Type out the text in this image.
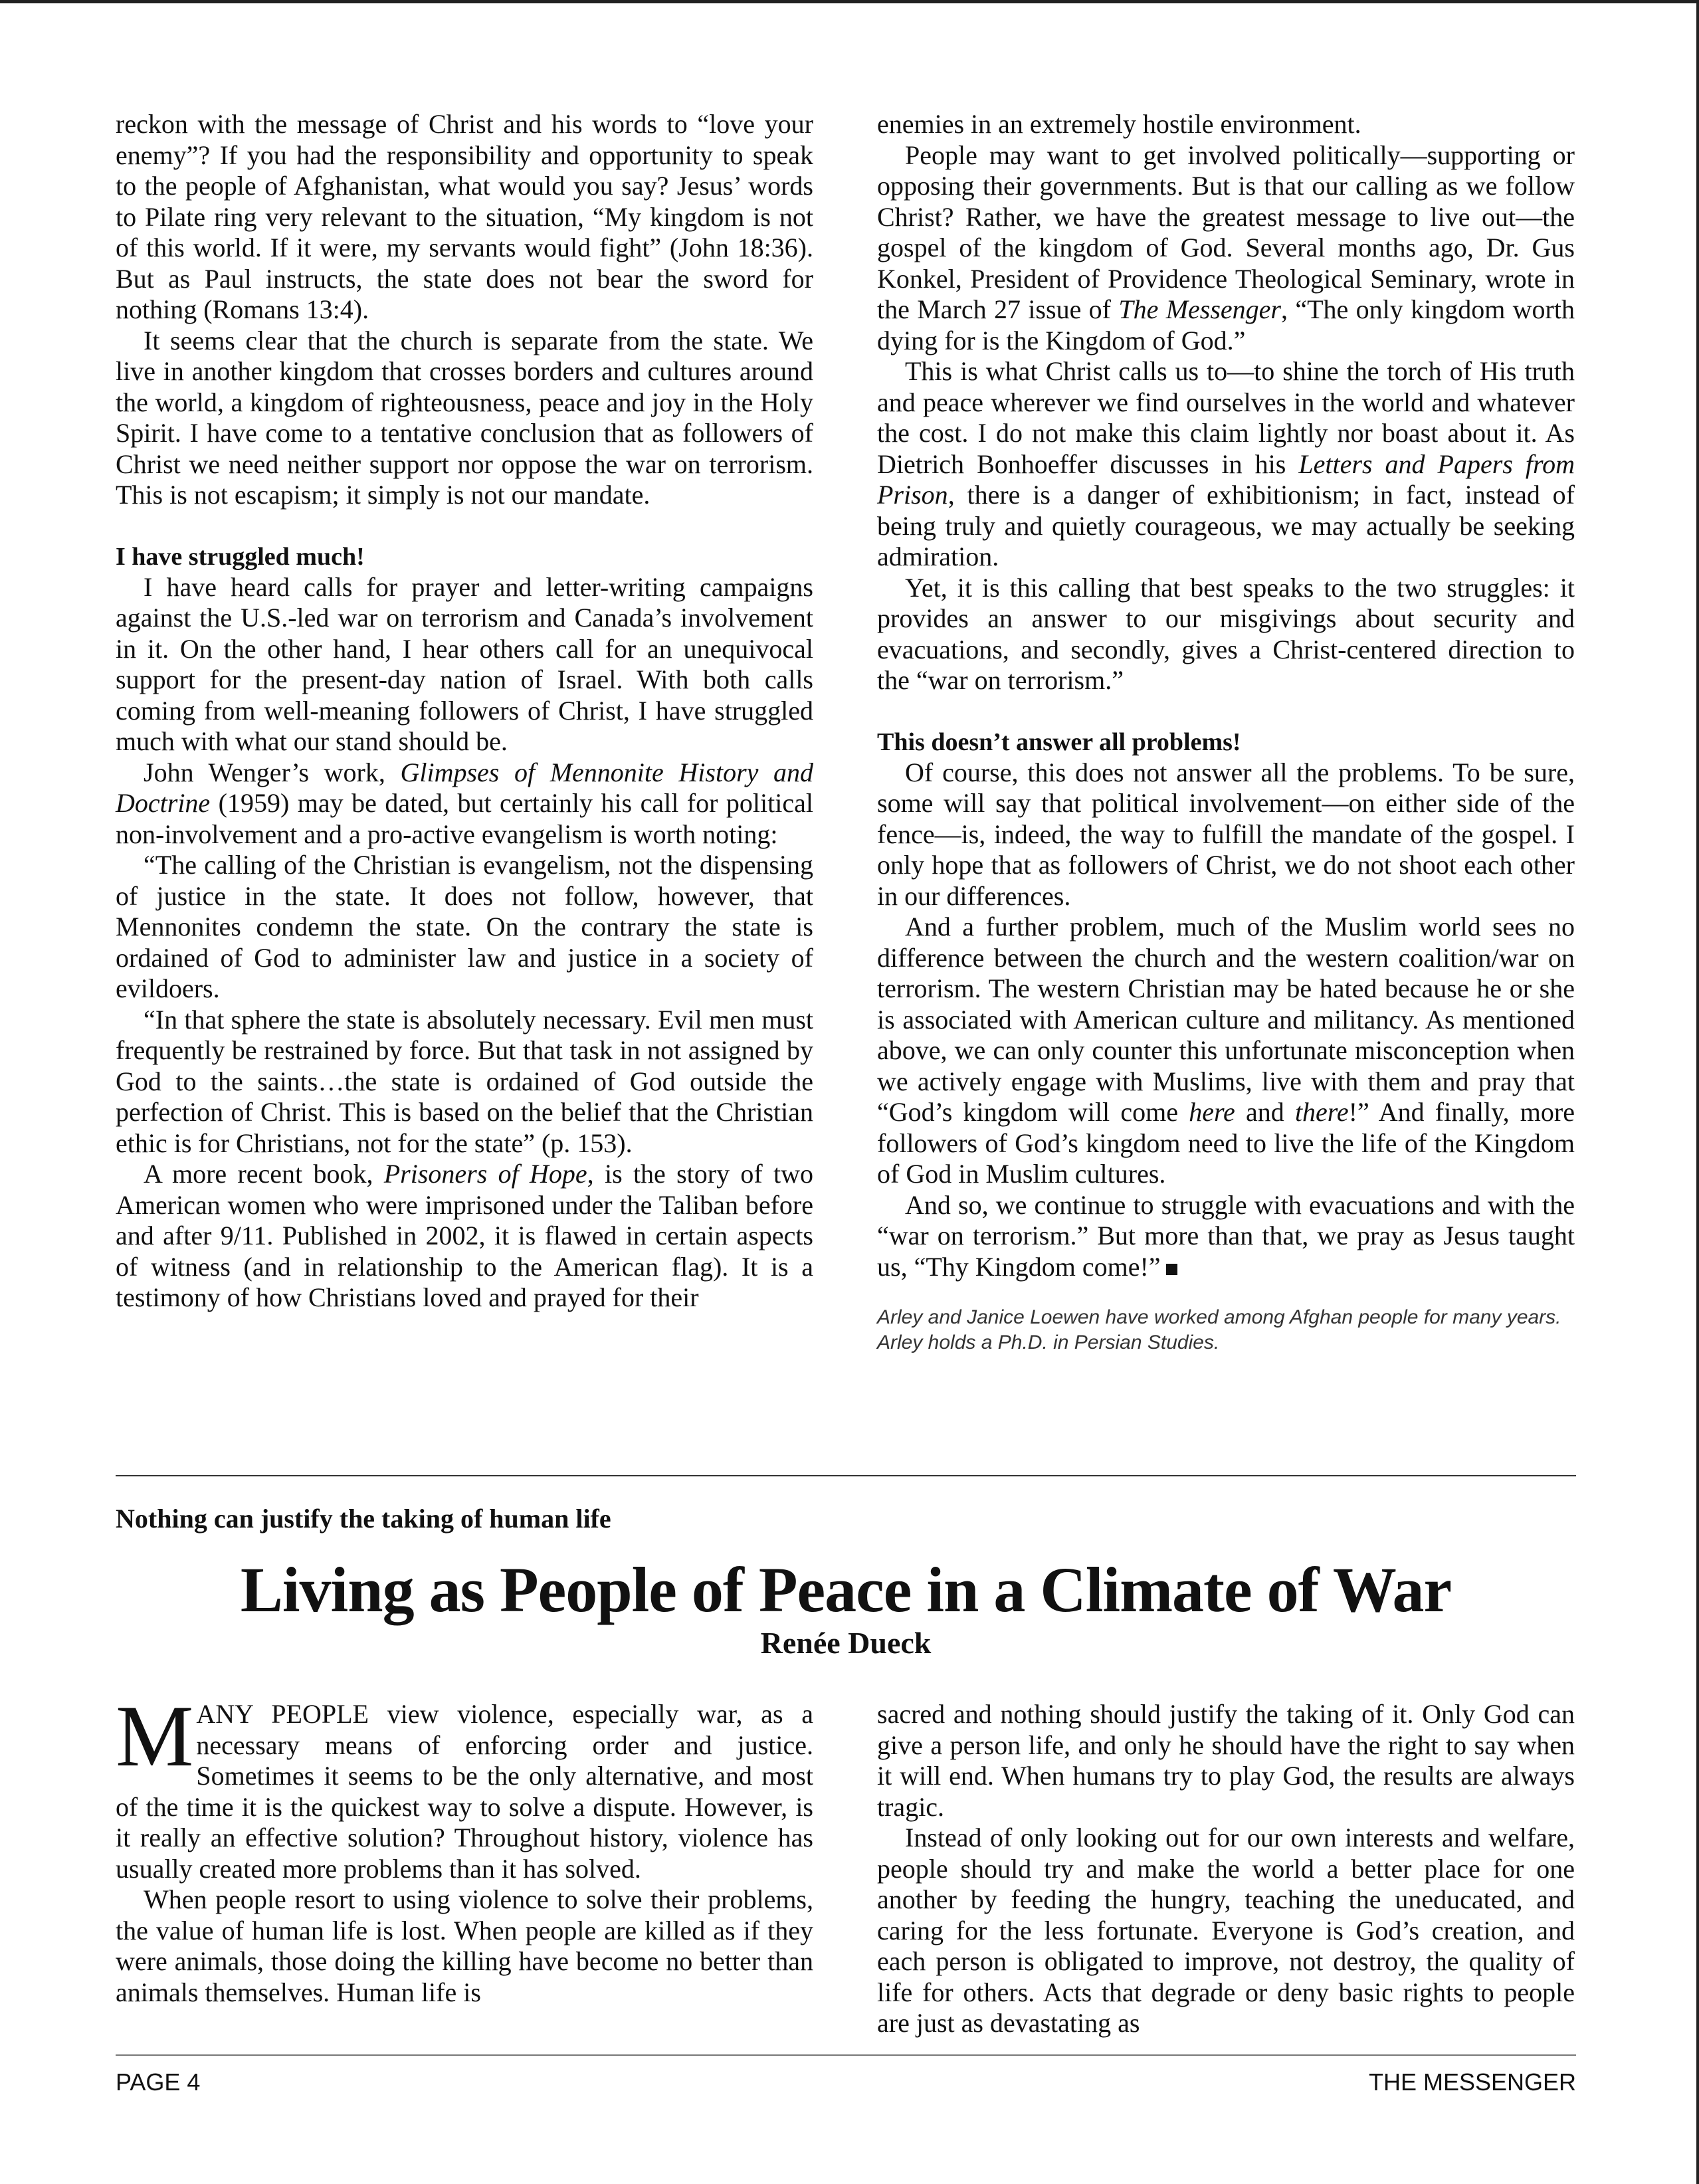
reckon with the message of Christ and his words to “love your enemy”? If you had the responsibility and opportunity to speak to the people of Afghanistan, what would you say? Jesus’ words to Pilate ring very relevant to the situation, “My kingdom is not of this world. If it were, my servants would fight” (John 18:36). But as Paul instructs, the state does not bear the sword for nothing (Romans 13:4).

It seems clear that the church is separate from the state. We live in another kingdom that crosses borders and cultures around the world, a kingdom of righteousness, peace and joy in the Holy Spirit. I have come to a tentative conclusion that as followers of Christ we need neither support nor oppose the war on terrorism. This is not escapism; it simply is not our mandate.

I have struggled much!

I have heard calls for prayer and letter-writing campaigns against the U.S.-led war on terrorism and Canada’s involvement in it. On the other hand, I hear others call for an unequivocal support for the present-day nation of Israel. With both calls coming from well-meaning followers of Christ, I have struggled much with what our stand should be.

John Wenger’s work, Glimpses of Mennonite History and Doctrine (1959) may be dated, but certainly his call for political non-involvement and a pro-active evangelism is worth noting:

“The calling of the Christian is evangelism, not the dispensing of justice in the state. It does not follow, however, that Mennonites condemn the state. On the contrary the state is ordained of God to administer law and justice in a society of evildoers.

“In that sphere the state is absolutely necessary. Evil men must frequently be restrained by force. But that task in not assigned by God to the saints…the state is ordained of God outside the perfection of Christ. This is based on the belief that the Christian ethic is for Christians, not for the state” (p. 153).

A more recent book, Prisoners of Hope, is the story of two American women who were imprisoned under the Taliban before and after 9/11. Published in 2002, it is flawed in certain aspects of witness (and in relationship to the American flag). It is a testimony of how Christians loved and prayed for their

enemies in an extremely hostile environment.

People may want to get involved politically—supporting or opposing their governments. But is that our calling as we follow Christ? Rather, we have the greatest message to live out—the gospel of the kingdom of God. Several months ago, Dr. Gus Konkel, President of Providence Theological Seminary, wrote in the March 27 issue of The Messenger, “The only kingdom worth dying for is the Kingdom of God.”

This is what Christ calls us to—to shine the torch of His truth and peace wherever we find ourselves in the world and whatever the cost. I do not make this claim lightly nor boast about it. As Dietrich Bonhoeffer discusses in his Letters and Papers from Prison, there is a danger of exhibitionism; in fact, instead of being truly and quietly courageous, we may actually be seeking admiration.

Yet, it is this calling that best speaks to the two struggles: it provides an answer to our misgivings about security and evacuations, and secondly, gives a Christ-centered direction to the “war on terrorism.”

This doesn’t answer all problems!

Of course, this does not answer all the problems. To be sure, some will say that political involvement—on either side of the fence—is, indeed, the way to fulfill the mandate of the gospel. I only hope that as followers of Christ, we do not shoot each other in our differences.

And a further problem, much of the Muslim world sees no difference between the church and the western coalition/war on terrorism. The western Christian may be hated because he or she is associated with American culture and militancy. As mentioned above, we can only counter this unfortunate misconception when we actively engage with Muslims, live with them and pray that “God’s kingdom will come here and there!” And finally, more followers of God’s kingdom need to live the life of the Kingdom of God in Muslim cultures.

And so, we continue to struggle with evacuations and with the “war on terrorism.” But more than that, we pray as Jesus taught us, “Thy Kingdom come!”

Arley and Janice Loewen have worked among Afghan people for many years. Arley holds a Ph.D. in Persian Studies.
Nothing can justify the taking of human life
Living as People of Peace in a Climate of War
Renée Dueck

MANY PEOPLE view violence, especially war, as a necessary means of enforcing order and justice. Sometimes it seems to be the only alternative, and most of the time it is the quickest way to solve a dispute. However, is it really an effective solution? Throughout history, violence has usually created more problems than it has solved.

When people resort to using violence to solve their problems, the value of human life is lost. When people are killed as if they were animals, those doing the killing have become no better than animals themselves. Human life is

sacred and nothing should justify the taking of it. Only God can give a person life, and only he should have the right to say when it will end. When humans try to play God, the results are always tragic.

Instead of only looking out for our own interests and welfare, people should try and make the world a better place for one another by feeding the hungry, teaching the uneducated, and caring for the less fortunate. Everyone is God’s creation, and each person is obligated to improve, not destroy, the quality of life for others. Acts that degrade or deny basic rights to people are just as devastating as

PAGE 4	THE MESSENGER
